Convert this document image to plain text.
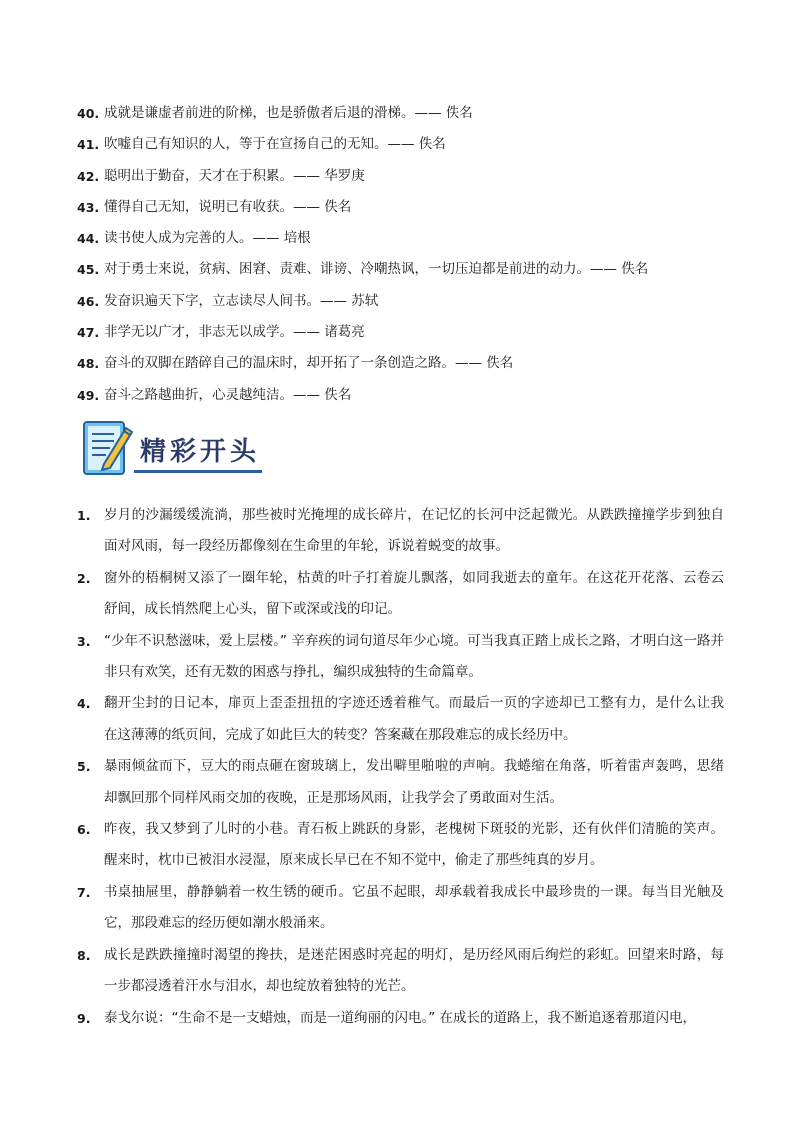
40. 成就是谦虚者前进的阶梯，也是骄傲者后退的滑梯。—— 佚名
41. 吹嘘自己有知识的人，等于在宣扬自己的无知。—— 佚名
42. 聪明出于勤奋，天才在于积累。—— 华罗庚
43. 懂得自己无知，说明已有收获。—— 佚名
44. 读书使人成为完善的人。—— 培根
45. 对于勇士来说，贫病、困窘、责难、诽谤、冷嘲热讽，一切压迫都是前进的动力。—— 佚名
46. 发奋识遍天下字，立志读尽人间书。—— 苏轼
47. 非学无以广才，非志无以成学。—— 诸葛亮
48. 奋斗的双脚在踏碎自己的温床时，却开拓了一条创造之路。—— 佚名
49. 奋斗之路越曲折，心灵越纯洁。—— 佚名
精彩开头
1.	岁月的沙漏缓缓流淌，那些被时光掩埋的成长碎片，在记忆的长河中泛起微光。从跌跌撞撞学步到独自面对风雨，每一段经历都像刻在生命里的年轮，诉说着蜕变的故事。
2.	窗外的梧桐树又添了一圈年轮，枯黄的叶子打着旋儿飘落，如同我逝去的童年。在这花开花落、云卷云舒间，成长悄然爬上心头，留下或深或浅的印记。
3.	“少年不识愁滋味，爱上层楼。” 辛弃疾的词句道尽年少心境。可当我真正踏上成长之路，才明白这一路并非只有欢笑，还有无数的困惑与挣扎，编织成独特的生命篇章。
4.	翻开尘封的日记本，扉页上歪歪扭扭的字迹还透着稚气。而最后一页的字迹却已工整有力，是什么让我在这薄薄的纸页间，完成了如此巨大的转变？答案藏在那段难忘的成长经历中。
5.	暴雨倾盆而下，豆大的雨点砸在窗玻璃上，发出噼里啪啦的声响。我蜷缩在角落，听着雷声轰鸣，思绪却飘回那个同样风雨交加的夜晚，正是那场风雨，让我学会了勇敢面对生活。
6.	昨夜，我又梦到了儿时的小巷。青石板上跳跃的身影，老槐树下斑驳的光影，还有伙伴们清脆的笑声。醒来时，枕巾已被泪水浸湿，原来成长早已在不知不觉中，偷走了那些纯真的岁月。
7.	书桌抽屉里，静静躺着一枚生锈的硬币。它虽不起眼，却承载着我成长中最珍贵的一课。每当目光触及它，那段难忘的经历便如潮水般涌来。
8.	成长是跌跌撞撞时渴望的搀扶，是迷茫困惑时亮起的明灯，是历经风雨后绚烂的彩虹。回望来时路，每一步都浸透着汗水与泪水，却也绽放着独特的光芒。
9.	泰戈尔说：“生命不是一支蜡烛，而是一道绚丽的闪电。” 在成长的道路上，我不断追逐着那道闪电，
